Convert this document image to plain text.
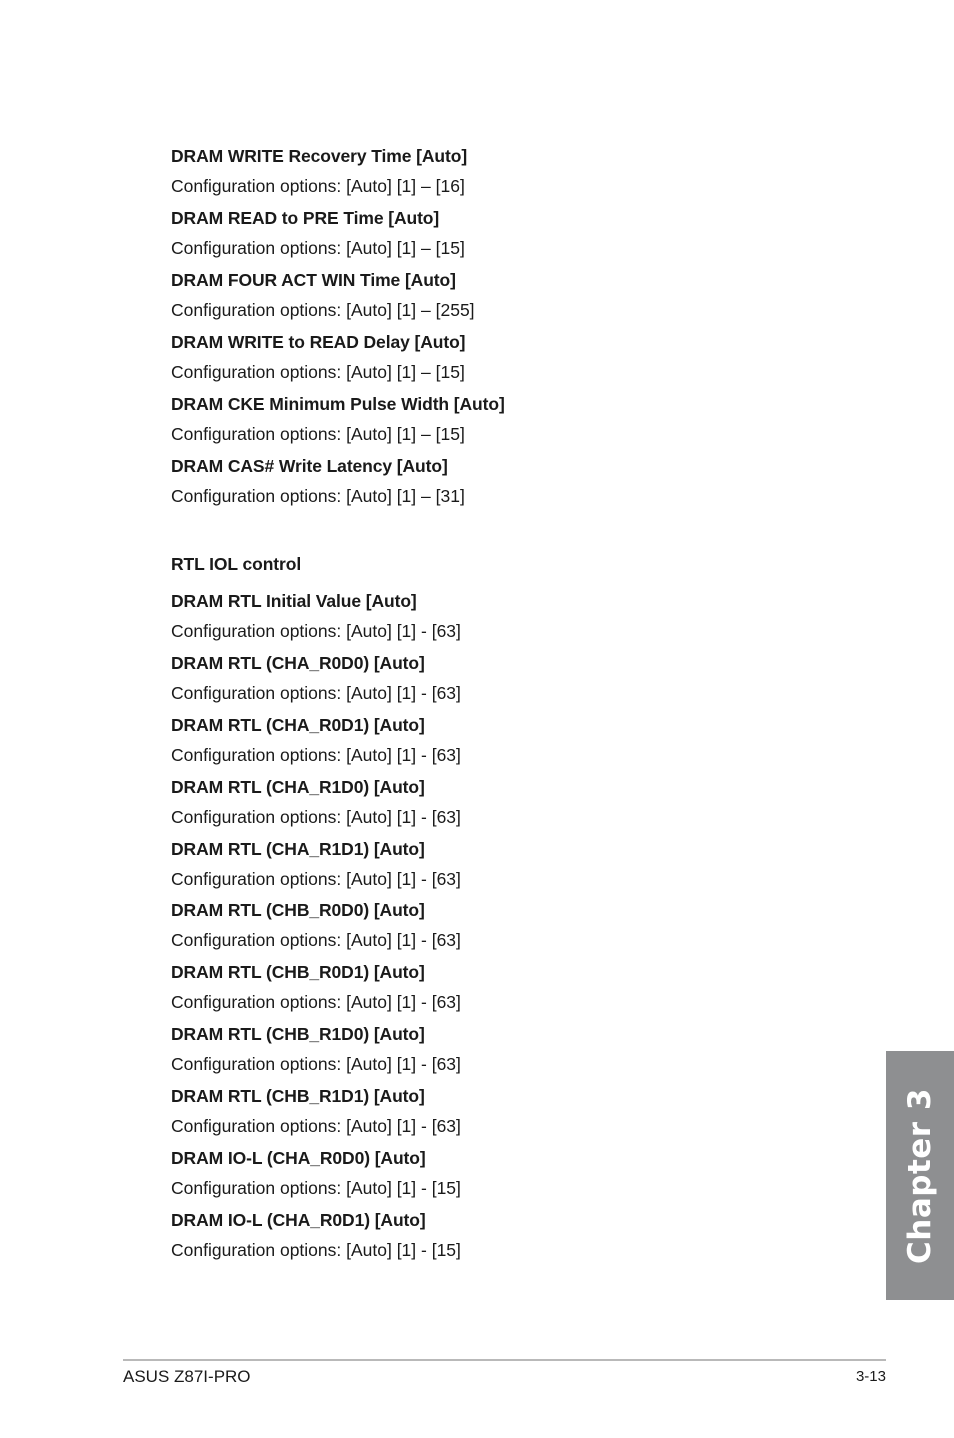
DRAM WRITE Recovery Time [Auto]
Configuration options: [Auto] [1] – [16]
DRAM READ to PRE Time [Auto]
Configuration options: [Auto] [1] – [15]
DRAM FOUR ACT WIN Time [Auto]
Configuration options: [Auto] [1] – [255]
DRAM WRITE to READ Delay [Auto]
Configuration options: [Auto] [1] – [15]
DRAM CKE Minimum Pulse Width [Auto]
Configuration options: [Auto] [1] – [15]
DRAM CAS# Write Latency [Auto]
Configuration options: [Auto] [1] – [31]
RTL IOL control
DRAM RTL Initial Value [Auto]
Configuration options: [Auto] [1] - [63]
DRAM RTL (CHA_R0D0) [Auto]
Configuration options: [Auto] [1] - [63]
DRAM RTL (CHA_R0D1) [Auto]
Configuration options: [Auto] [1] - [63]
DRAM RTL (CHA_R1D0) [Auto]
Configuration options: [Auto] [1] - [63]
DRAM RTL (CHA_R1D1) [Auto]
Configuration options: [Auto] [1] - [63]
DRAM RTL (CHB_R0D0) [Auto]
Configuration options: [Auto] [1] - [63]
DRAM RTL (CHB_R0D1) [Auto]
Configuration options: [Auto] [1] - [63]
DRAM RTL (CHB_R1D0) [Auto]
Configuration options: [Auto] [1] - [63]
DRAM RTL (CHB_R1D1) [Auto]
Configuration options: [Auto] [1] - [63]
DRAM IO-L (CHA_R0D0) [Auto]
Configuration options: [Auto] [1] - [15]
DRAM IO-L (CHA_R0D1) [Auto]
Configuration options: [Auto] [1] - [15]	Chapter 3
ASUS Z87I-PRO	3-13
